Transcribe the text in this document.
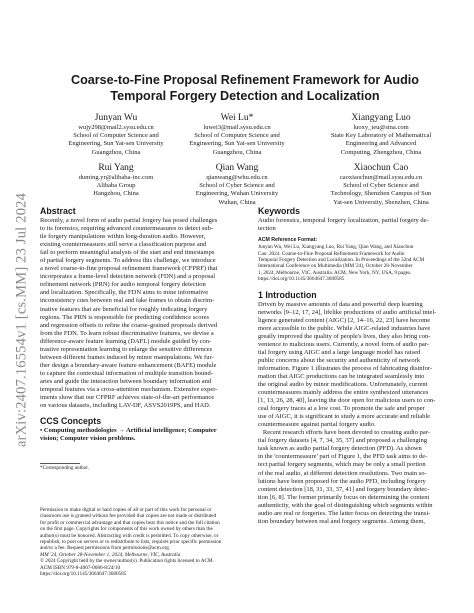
arXiv:2407.16554v1 [cs.MM] 23 Jul 2024
Coarse-to-Fine Proposal Refinement Framework for Audio
Temporal Forgery Detection and Localization
Junyan Wu
wujy298@mail2.sysu.edu.cn
School of Computer Science and
Engineering, Sun Yat-sen University
Guangzhou, China
Wei Lu*
luwei3@mail.sysu.edu.cn
School of Computer Science and
Engineering, Sun Yat-sen University
Guangzhou, China
Xiangyang Luo
luoxy_ieu@sina.com
State Key Laboratory of Mathematical
Engineering and Advanced
Computing, Zhengzhou, China
Rui Yang
duming.yr@alibaba-inc.com
Alibaba Group
Hangzhou, China
Qian Wang
qianwang@whu.edu.cn
School of Cyber Science and
Engineering, Wuhan University
Wuhan, China
Xiaochun Cao
caoxiaochun@mail.sysu.edu.cn
School of Cyber Science and
Technology, Shenzhen Campus of Sun
Yat-sen University, Shenzhen, China
Abstract
Recently, a novel form of audio partial forgery has posed challenges
to its forensics, requiring advanced countermeasures to detect sub-
tle forgery manipulations within long-duration audio. However,
existing countermeasures still serve a classification purpose and
fail to perform meaningful analysis of the start and end timestamps
of partial forgery segments. To address this challenge, we introduce
a novel coarse-to-fine proposal refinement framework (CFPRF) that
incorporates a frame-level detection network (FDN) and a proposal
refinement network (PRN) for audio temporal forgery detection
and localization. Specifically, the FDN aims to mine informative
inconsistency cues between real and fake frames to obtain discrim-
inative features that are beneficial for roughly indicating forgery
regions. The PRN is responsible for predicting confidence scores
and regression offsets to refine the coarse-grained proposals derived
from the FDN. To learn robust discriminative features, we devise a
difference-aware feature learning (DAFL) module guided by con-
trastive representation learning to enlarge the sensitive differences
between different frames induced by minor manipulations. We fur-
ther design a boundary-aware feature enhancement (BAFE) module
to capture the contextual information of multiple transition bound-
aries and guide the interaction between boundary information and
temporal features via a cross-attention mechanism. Extensive exper-
iments show that our CFPRF achieves state-of-the-art performance
on various datasets, including LAV-DF, ASVS2019PS, and HAD.
CCS Concepts
• Computing methodologies → Artificial intelligence; Computer
vision; Computer vision problems.
*Corresponding author.
Permission to make digital or hard copies of all or part of this work for personal or
classroom use is granted without fee provided that copies are not made or distributed
for profit or commercial advantage and that copies bear this notice and the full citation
on the first page. Copyrights for components of this work owned by others than the
author(s) must be honored. Abstracting with credit is permitted. To copy otherwise, or
republish, to post on servers or to redistribute to lists, requires prior specific permission
and/or a fee. Request permissions from permissions@acm.org.
MM '24, October 28-November 1, 2024, Melbourne, VIC, Australia
© 2024 Copyright held by the owner/author(s). Publication rights licensed to ACM.
ACM ISBN 979-8-4007-0686-8/24/10
https://doi.org/10.1145/3664647.3680585
Keywords
Audio forensics, temporal forgery localization, partial forgery de-
tection
ACM Reference Format:
Junyan Wu, Wei Lu, Xiangyang Luo, Rui Yang, Qian Wang, and Xiaochun
Cao. 2024. Coarse-to-Fine Proposal Refinement Framework for Audio
Temporal Forgery Detection and Localization. In Proceedings of the 32nd ACM
International Conference on Multimedia (MM '24), October 28-November
1, 2024, Melbourne, VIC, Australia. ACM, New York, NY, USA, 9 pages.
https://doi.org/10.1145/3664647.3680585
1 Introduction
Driven by massive amounts of data and powerful deep learning
networks [9–12, 17, 24], lifelike productions of audio artificial intel-
ligence generated content (AIGC) [2, 14–16, 22, 23] have become
more accessible to the public. While AIGC-related industries have
greatly improved the quality of people's lives, they also bring con-
venience to malicious users. Currently, a novel form of audio par-
tial forgery using AIGC and a large language model has raised
public concerns about the security and authenticity of network
information. Figure 1 illustrates the process of fabricating disinfor-
mation that AIGC productions can be integrated seamlessly into
the original audio by minor modifications. Unfortunately, current
countermeasures mainly address the entire synthesized utterances
[1, 13, 26, 28, 40], leaving the door open for malicious users to con-
ceal forgery traces at a low cost. To promote the safe and proper
use of AIGC, it is significant to study a more accurate and reliable
countermeasure against partial forgery audio.
Recent research efforts have been devoted to creating audio par-
tial forgery datasets [4, 7, 34, 35, 37] and proposed a challenging
task known as audio partial forgery detection (PFD). As shown
in the 'countermeasure' part of Figure 1, the PFD task aims to de-
tect partial forgery segments, which may be only a small portion
of the real audio, at different detection resolutions. Two main so-
lutions have been proposed for the audio PFD, including forgery
content detection [18, 31, 33, 37, 41] and forgery boundary detec-
tion [6, 8]. The former primarily focus on determining the content
authenticity, with the goal of distinguishing which segments within
audio are real or forgeries. The latter focus on detecting the transi-
tion boundary between real and forgery segments. Among them,
